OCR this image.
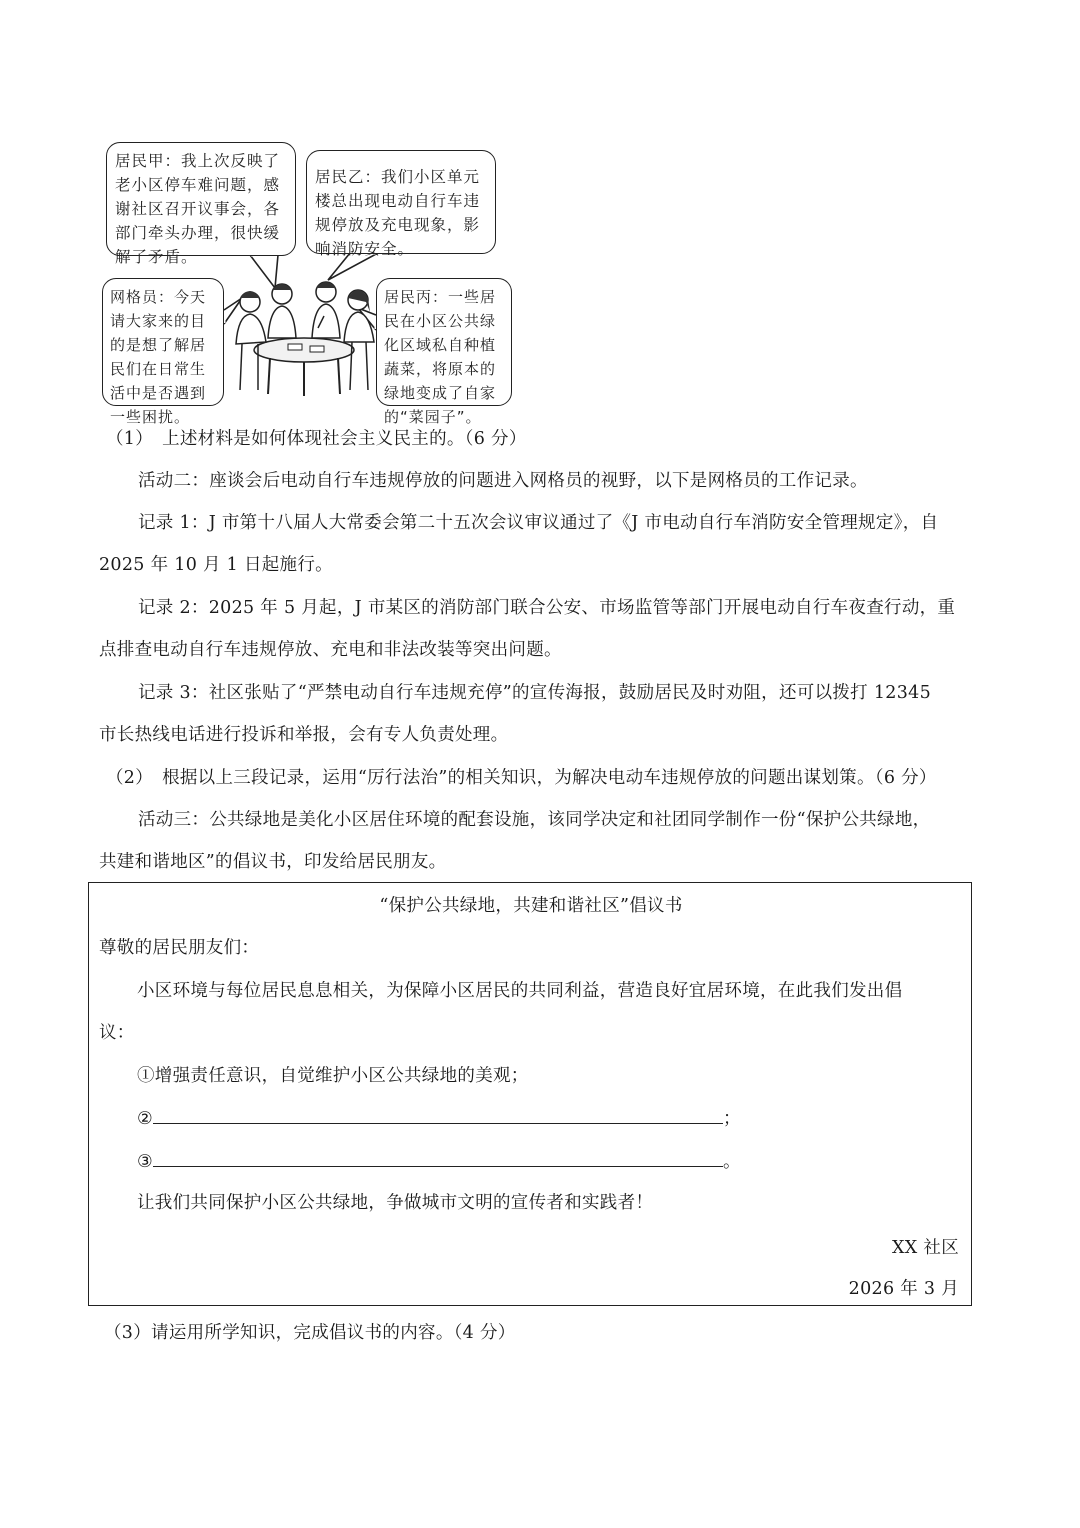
居民甲：我上次反映了老小区停车难问题，感谢社区召开议事会，各部门牵头办理，很快缓解了矛盾。
居民乙：我们小区单元楼总出现电动自行车违规停放及充电现象，影响消防安全。
网格员：今天请大家来的目的是想了解居民们在日常生活中是否遇到一些困扰。
居民丙：一些居民在小区公共绿化区域私自种植蔬菜，将原本的绿地变成了自家的“菜园子”。
（1）　上述材料是如何体现社会主义民主的。（6 分）
活动二：座谈会后电动自行车违规停放的问题进入网格员的视野，以下是网格员的工作记录。
记录 1：J 市第十八届人大常委会第二十五次会议审议通过了《J 市电动自行车消防安全管理规定》，自
2025 年 10 月 1 日起施行。
记录 2：2025 年 5 月起，J 市某区的消防部门联合公安、市场监管等部门开展电动自行车夜查行动，重
点排查电动自行车违规停放、充电和非法改装等突出问题。
记录 3：社区张贴了“严禁电动自行车违规充停”的宣传海报，鼓励居民及时劝阻，还可以拨打 12345
市长热线电话进行投诉和举报，会有专人负责处理。
（2）　根据以上三段记录，运用“厉行法治”的相关知识，为解决电动车违规停放的问题出谋划策。（6 分）
活动三：公共绿地是美化小区居住环境的配套设施，该同学决定和社团同学制作一份“保护公共绿地，
共建和谐地区”的倡议书，印发给居民朋友。
“保护公共绿地，共建和谐社区”倡议书
尊敬的居民朋友们：
小区环境与每位居民息息相关，为保障小区居民的共同利益，营造良好宜居环境，在此我们发出倡
议：
①增强责任意识，自觉维护小区公共绿地的美观；
②	；
③	。
让我们共同保护小区公共绿地，争做城市文明的宣传者和实践者！
XX 社区
2026 年 3 月
（3）请运用所学知识，完成倡议书的内容。（4 分）
